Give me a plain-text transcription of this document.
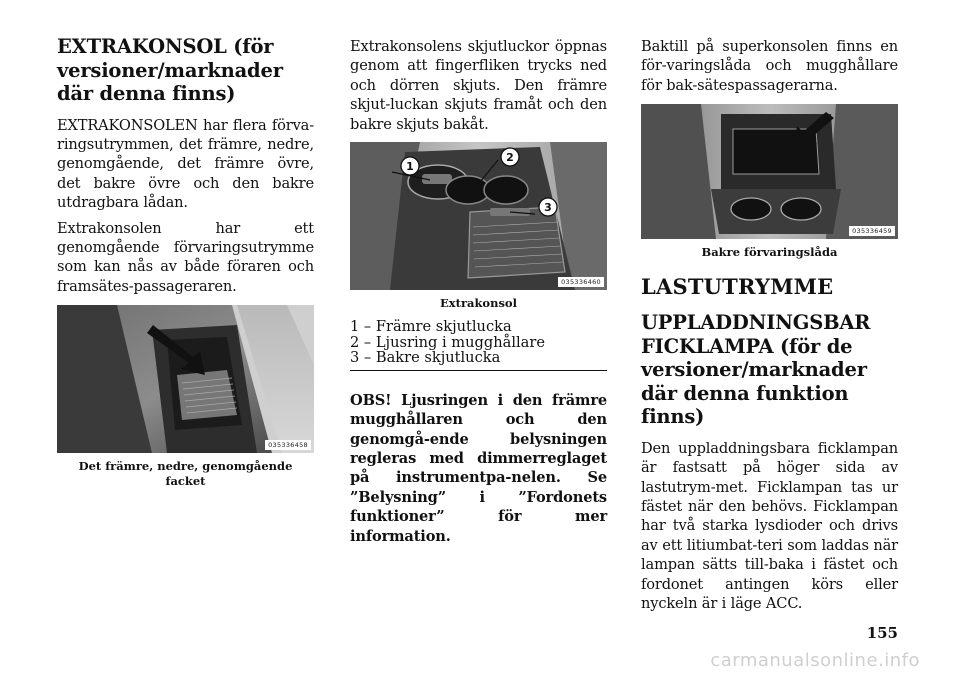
EXTRAKONSOL (för versioner/marknader där denna finns)

EXTRAKONSOLEN har flera förva-ringsutrymmen, det främre, nedre, genomgående, det främre övre, det bakre övre och den bakre utdragbara lådan.

Extrakonsolen har ett genomgående förvaringsutrymme som kan nås av både föraren och framsätes-passageraren.

035336458

Det främre, nedre, genomgående facket

Extrakonsolens skjutluckor öppnas genom att fingerfliken trycks ned och dörren skjuts. Den främre skjut-luckan skjuts framåt och den bakre skjuts bakåt.

1
2
3
035336460

Extrakonsol

1 – Främre skjutlucka
2 – Ljusring i mugghållare
3 – Bakre skjutlucka

OBS! Ljusringen i den främre mugghållaren och den genomgå-ende belysningen regleras med dimmerreglaget på instrumentpa-nelen. Se ”Belysning” i ”Fordonets funktioner” för mer information.

Baktill på superkonsolen finns en för-varingslåda och mugghållare för bak-sätespassagerarna.

035336459

Bakre förvaringslåda

LASTUTRYMME
UPPLADDNINGSBAR FICKLAMPA (för de versioner/marknader där denna funktion finns)

Den uppladdningsbara ficklampan är fastsatt på höger sida av lastutrym-met. Ficklampan tas ur fästet när den behövs. Ficklampan har två starka lysdioder och drivs av ett litiumbat-teri som laddas när lampan sätts till-baka i fästet och fordonet antingen körs eller nyckeln är i läge ACC.

155
carmanualsonline.info
